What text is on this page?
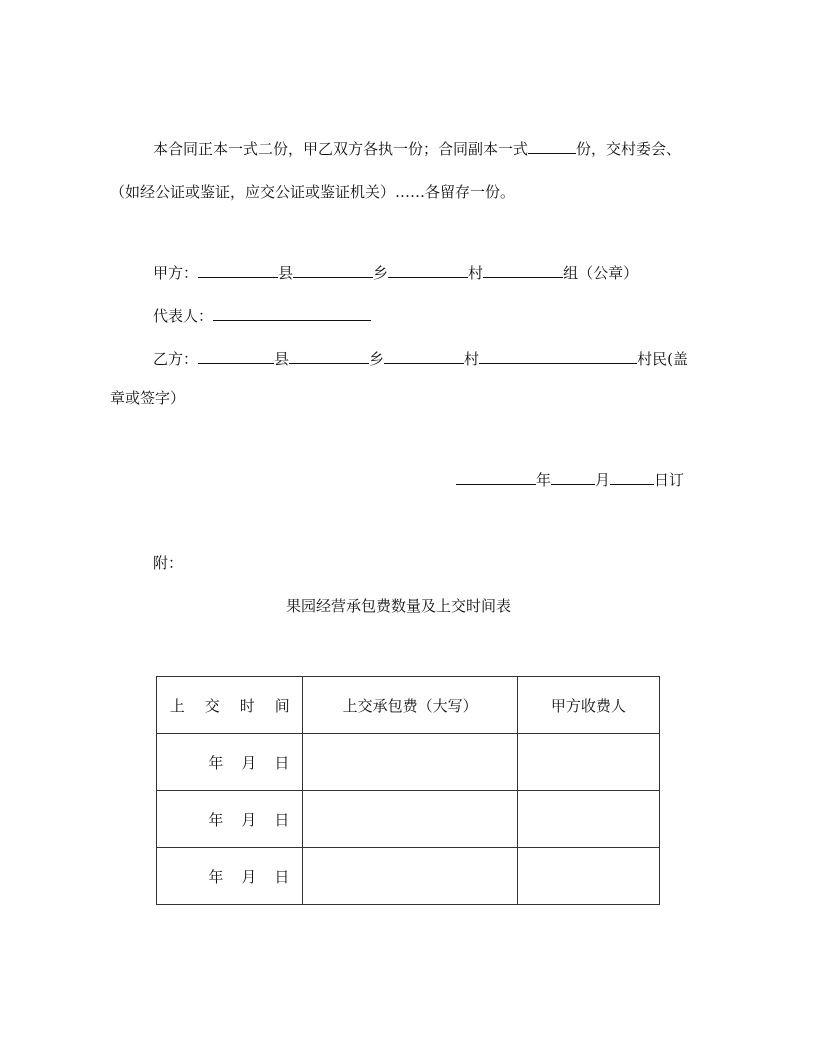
本合同正本一式二份，甲乙双方各执一份；合同副本一式	份，交村委会、
（如经公证或鉴证，应交公证或鉴证机关）……各留存一份。
甲方：	县	乡	村	组（公章）
代表人：
乙方：	县	乡	村	村民(盖
章或签字）
年	月	日订
附：
果园经营承包费数量及上交时间表
上 交 时 间	上交承包费（大写）	甲方收费人
年 月 日		
年 月 日		
年 月 日		
